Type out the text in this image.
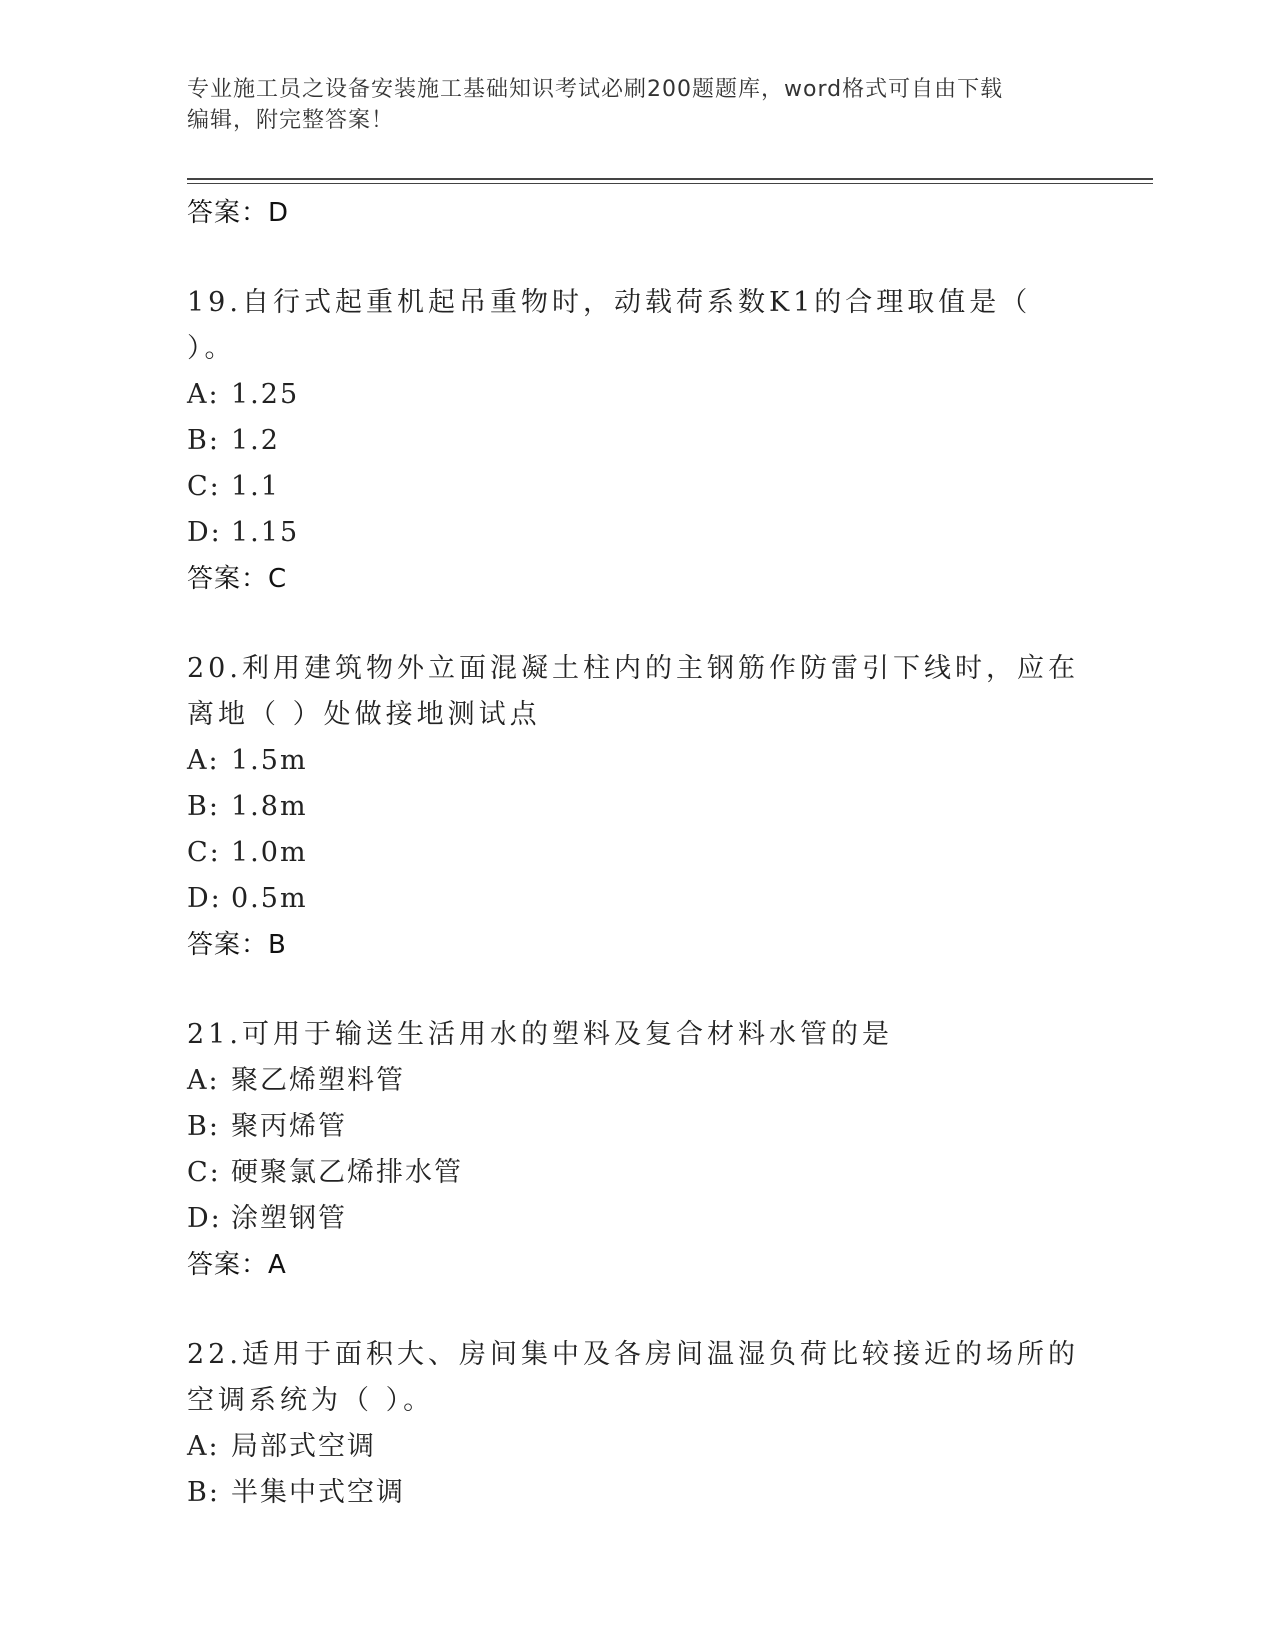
专业施工员之设备安装施工基础知识考试必刷200题题库，word格式可自由下载
编辑，附完整答案！
答案：D
19.自行式起重机起吊重物时，动载荷系数K1的合理取值是（ ）。
A: 1.25
B: 1.2
C: 1.1
D: 1.15
答案：C
20.利用建筑物外立面混凝土柱内的主钢筋作防雷引下线时，应在离地（ ）处做接地测试点
A: 1.5m
B: 1.8m
C: 1.0m
D: 0.5m
答案：B
21.可用于输送生活用水的塑料及复合材料水管的是
A: 聚乙烯塑料管
B: 聚丙烯管
C: 硬聚氯乙烯排水管
D: 涂塑钢管
答案：A
22.适用于面积大、房间集中及各房间温湿负荷比较接近的场所的空调系统为（ ）。
A: 局部式空调
B: 半集中式空调
